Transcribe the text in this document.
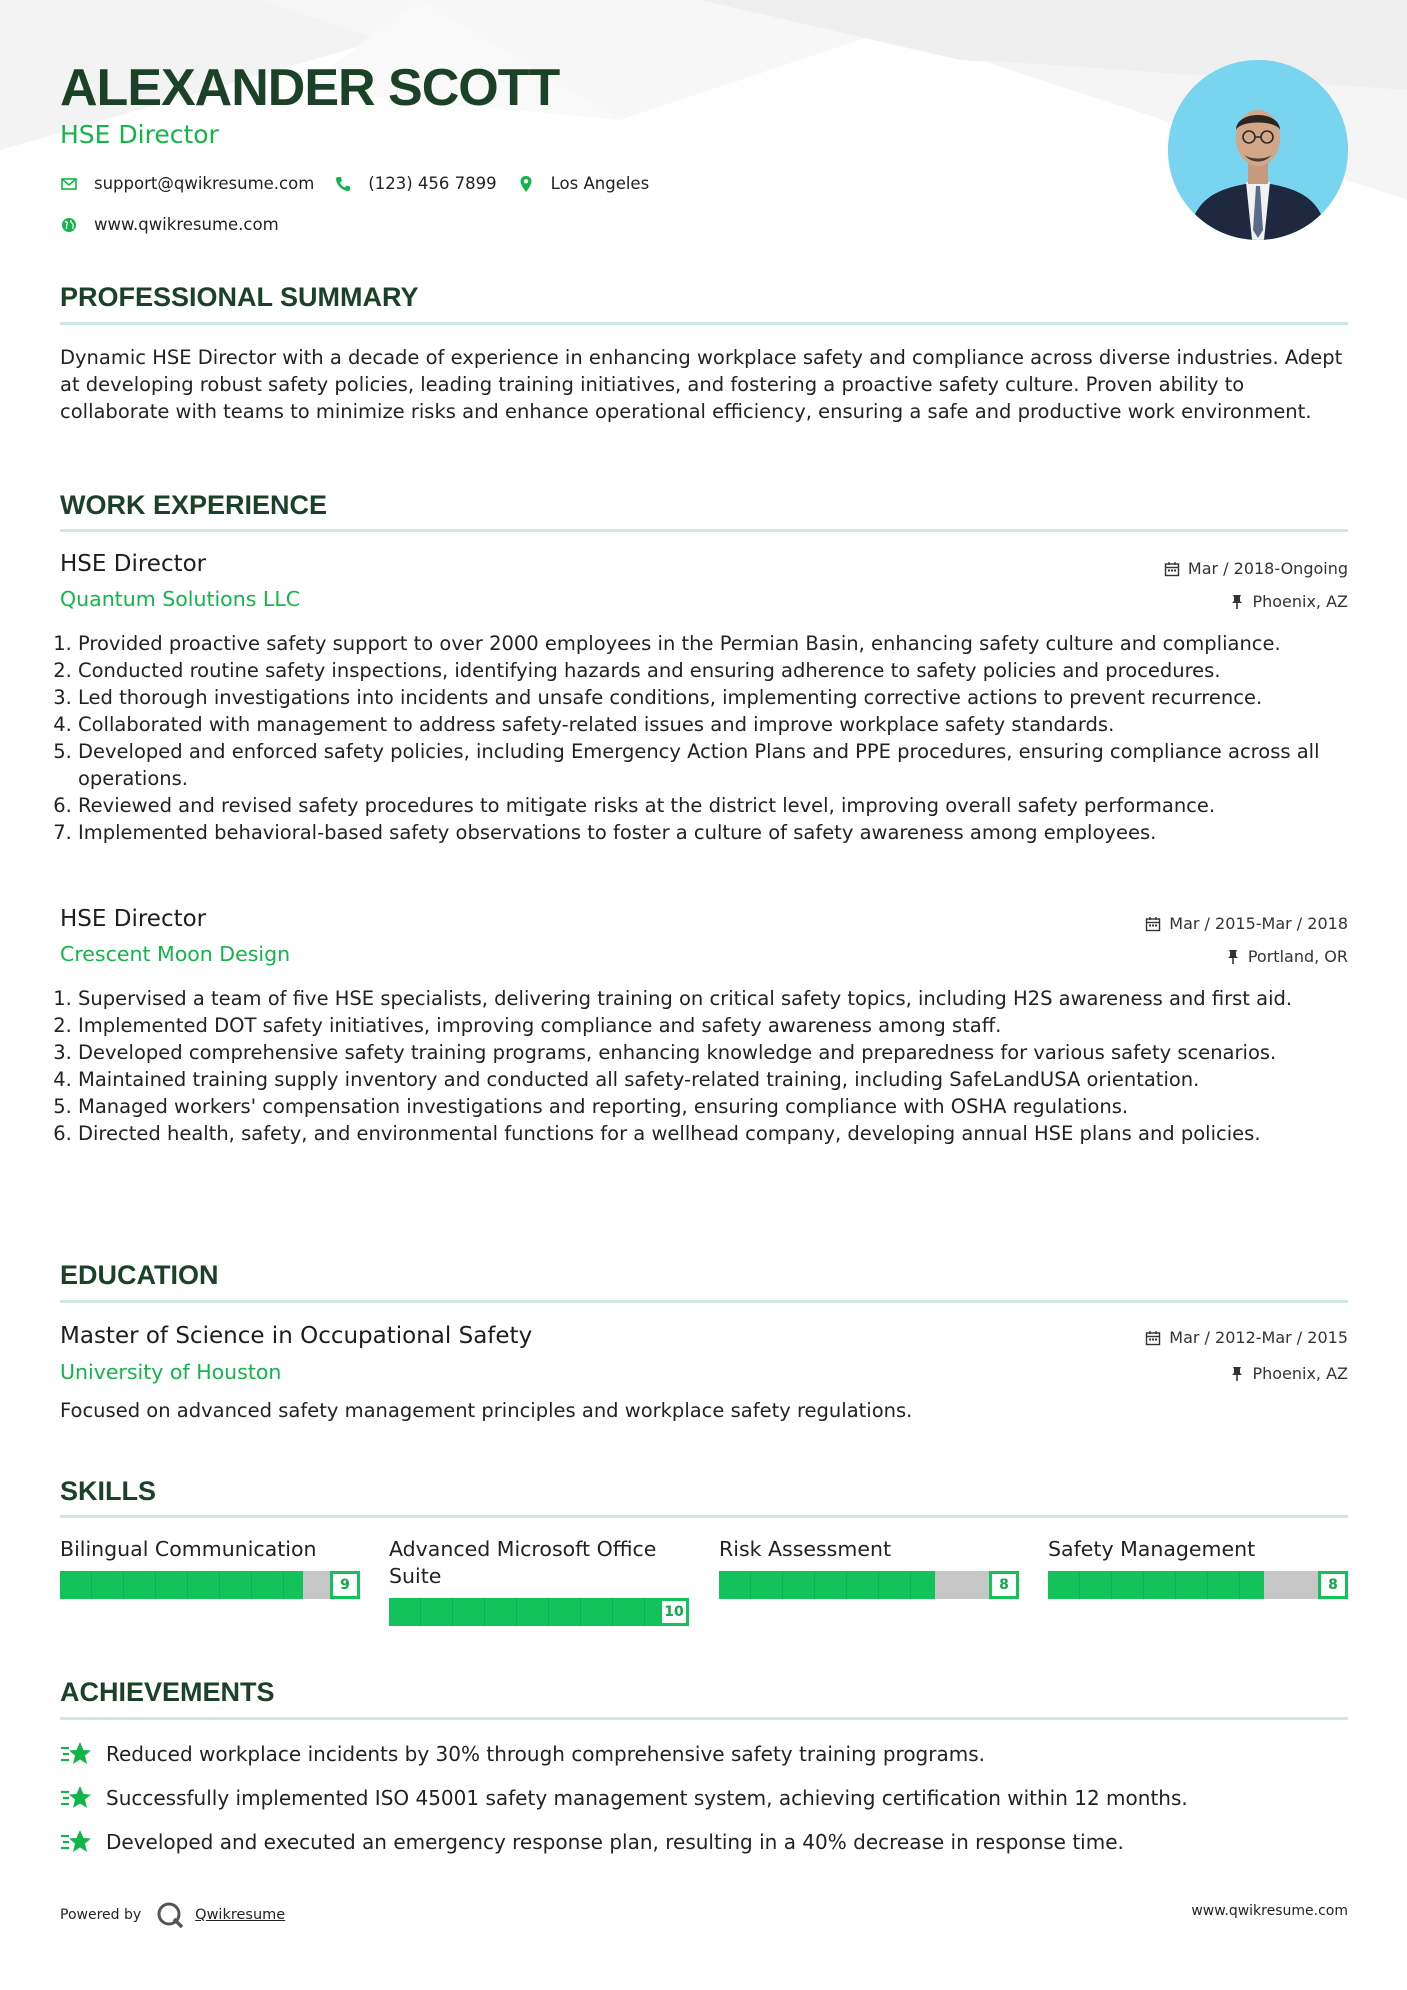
ALEXANDER SCOTT
HSE Director
support@qwikresume.com	(123) 456 7899	Los Angeles
www.qwikresume.com
PROFESSIONAL SUMMARY

Dynamic HSE Director with a decade of experience in enhancing workplace safety and compliance across diverse industries. Adept at developing robust safety policies, leading training initiatives, and fostering a proactive safety culture. Proven ability to collaborate with teams to minimize risks and enhance operational efficiency, ensuring a safe and productive work environment.

WORK EXPERIENCE
HSE Director	Mar / 2018-Ongoing
Quantum Solutions LLC	Phoenix, AZ
1. Provided proactive safety support to over 2000 employees in the Permian Basin, enhancing safety culture and compliance.
2. Conducted routine safety inspections, identifying hazards and ensuring adherence to safety policies and procedures.
3. Led thorough investigations into incidents and unsafe conditions, implementing corrective actions to prevent recurrence.
4. Collaborated with management to address safety-related issues and improve workplace safety standards.
5. Developed and enforced safety policies, including Emergency Action Plans and PPE procedures, ensuring compliance across all operations.
6. Reviewed and revised safety procedures to mitigate risks at the district level, improving overall safety performance.
7. Implemented behavioral-based safety observations to foster a culture of safety awareness among employees.
HSE Director	Mar / 2015-Mar / 2018
Crescent Moon Design	Portland, OR
1. Supervised a team of five HSE specialists, delivering training on critical safety topics, including H2S awareness and first aid.
2. Implemented DOT safety initiatives, improving compliance and safety awareness among staff.
3. Developed comprehensive safety training programs, enhancing knowledge and preparedness for various safety scenarios.
4. Maintained training supply inventory and conducted all safety-related training, including SafeLandUSA orientation.
5. Managed workers' compensation investigations and reporting, ensuring compliance with OSHA regulations.
6. Directed health, safety, and environmental functions for a wellhead company, developing annual HSE plans and policies.
EDUCATION
Master of Science in Occupational Safety	Mar / 2012-Mar / 2015
University of Houston	Phoenix, AZ

Focused on advanced safety management principles and workplace safety regulations.

SKILLS
Bilingual Communication
9
Advanced Microsoft Office Suite
10
Risk Assessment
8
Safety Management
8
ACHIEVEMENTS
Reduced workplace incidents by 30% through comprehensive safety training programs.
Successfully implemented ISO 45001 safety management system, achieving certification within 12 months.
Developed and executed an emergency response plan, resulting in a 40% decrease in response time.
Powered by	Qwikresume	www.qwikresume.com
